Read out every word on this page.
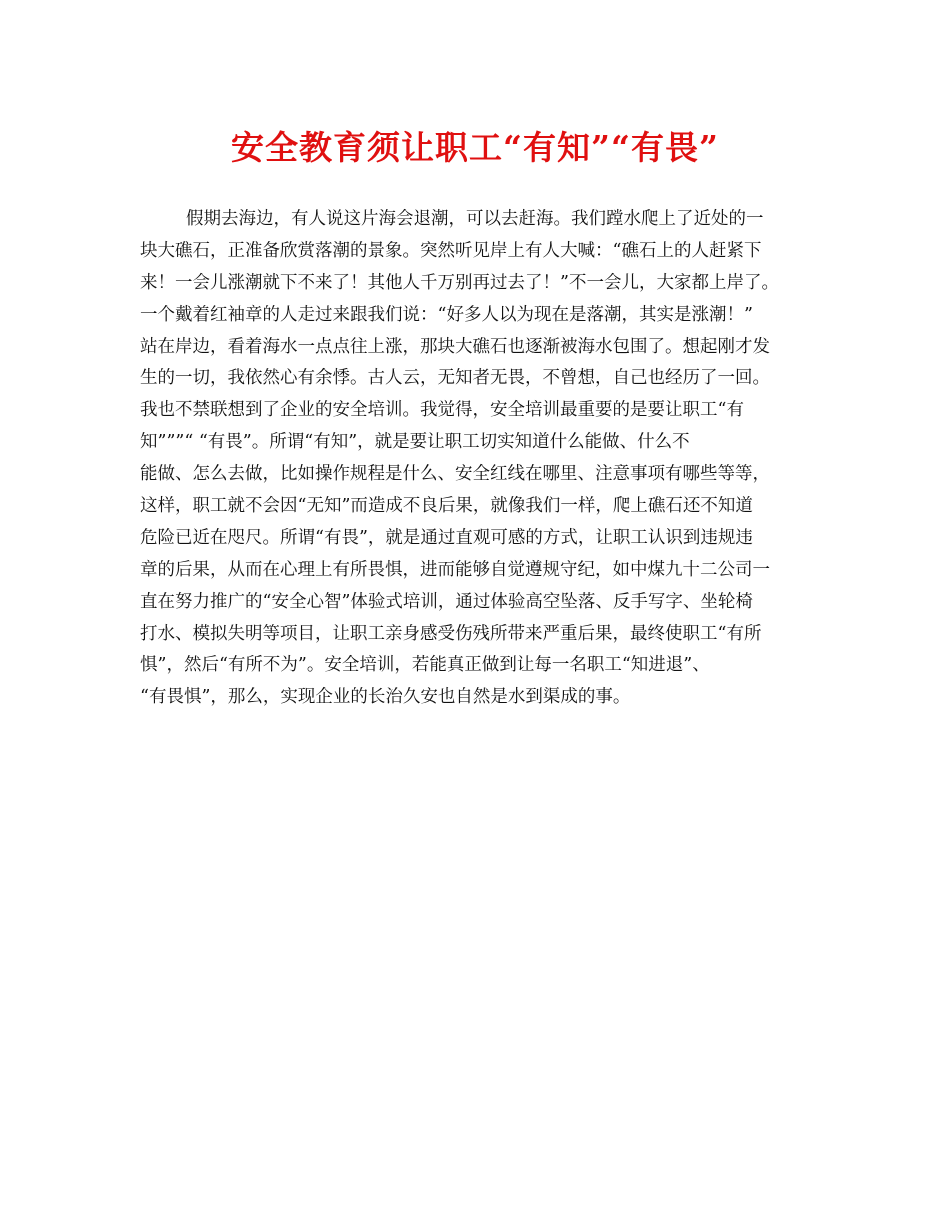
安全教育须让职工“有知”“有畏”
假期去海边，有人说这片海会退潮，可以去赶海。我们蹚水爬上了近处的一
块大礁石，正准备欣赏落潮的景象。突然听见岸上有人大喊：“礁石上的人赶紧下
来！一会儿涨潮就下不来了！其他人千万别再过去了！”不一会儿，大家都上岸了。
一个戴着红袖章的人走过来跟我们说：“好多人以为现在是落潮，其实是涨潮！”
站在岸边，看着海水一点点往上涨，那块大礁石也逐渐被海水包围了。想起刚才发
生的一切，我依然心有余悸。古人云，无知者无畏，不曾想，自己也经历了一回。
我也不禁联想到了企业的安全培训。我觉得，安全培训最重要的是要让职工“有
知”””“ “有畏”。所谓“有知”，就是要让职工切实知道什么能做、什么不
能做、怎么去做，比如操作规程是什么、安全红线在哪里、注意事项有哪些等等，
这样，职工就不会因“无知”而造成不良后果，就像我们一样，爬上礁石还不知道
危险已近在咫尺。所谓“有畏”，就是通过直观可感的方式，让职工认识到违规违
章的后果，从而在心理上有所畏惧，进而能够自觉遵规守纪，如中煤九十二公司一
直在努力推广的“安全心智”体验式培训，通过体验高空坠落、反手写字、坐轮椅
打水、模拟失明等项目，让职工亲身感受伤残所带来严重后果，最终使职工“有所
惧”，然后“有所不为”。安全培训，若能真正做到让每一名职工“知进退”、
“有畏惧”，那么，实现企业的长治久安也自然是水到渠成的事。
